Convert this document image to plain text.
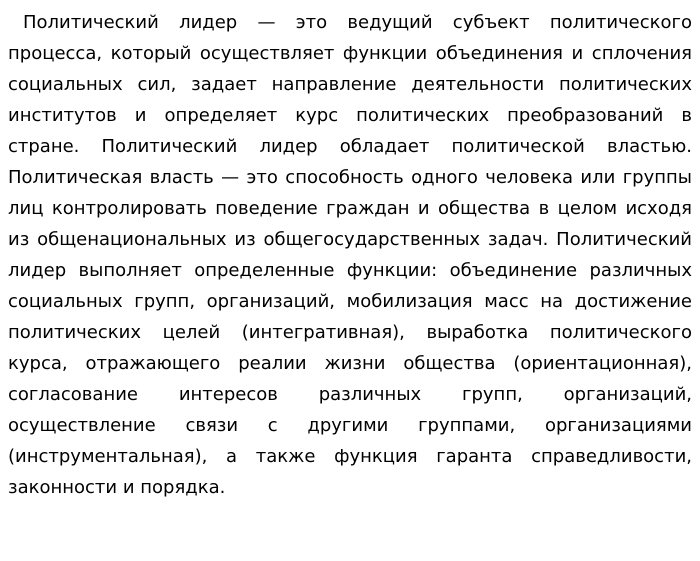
Политический лидер — это ведущий субъект политического процесса, который осуществляет функции объединения и сплочения социальных сил, задает направление деятельности политических институтов и определяет курс политических преобразований в стране. Политический лидер обладает политической властью. Политическая власть — это способность одного человека или группы лиц контролировать поведение граждан и общества в целом исходя из общенациональных из общегосударственных задач. Политический лидер выполняет определенные функции: объединение различных социальных групп, организаций, мобилизация масс на достижение политических целей (интегративная), выработка политического курса, отражающего реалии жизни общества (ориентационная), согласование интересов различных групп, организаций, осуществление связи с другими группами, организациями (инструментальная), а также функция гаранта справедливости, законности и порядка.
